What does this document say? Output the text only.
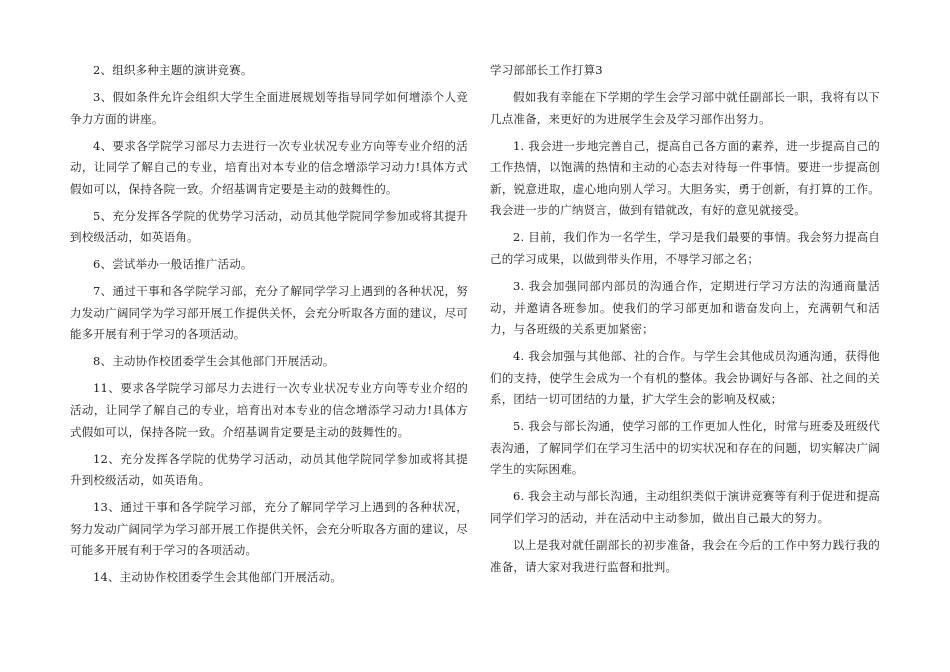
2、组织多种主题的演讲竞赛。

3、假如条件允许会组织大学生全面进展规划等指导同学如何增添个人竞争力方面的讲座。

4、要求各学院学习部尽力去进行一次专业状况专业方向等专业介绍的活动，让同学了解自己的专业，培育出对本专业的信念增添学习动力!具体方式假如可以，保持各院一致。介绍基调肯定要是主动的鼓舞性的。

5、充分发挥各学院的优势学习活动，动员其他学院同学参加或将其提升到校级活动，如英语角。

6、尝试举办一般话推广活动。

7、通过干事和各学院学习部，充分了解同学学习上遇到的各种状况，努力发动广阔同学为学习部开展工作提供关怀，会充分听取各方面的建议，尽可能多开展有利于学习的各项活动。

8、主动协作校团委学生会其他部门开展活动。

11、要求各学院学习部尽力去进行一次专业状况专业方向等专业介绍的活动，让同学了解自己的专业，培育出对本专业的信念增添学习动力!具体方式假如可以，保持各院一致。介绍基调肯定要是主动的鼓舞性的。

12、充分发挥各学院的优势学习活动，动员其他学院同学参加或将其提升到校级活动，如英语角。

13、通过干事和各学院学习部，充分了解同学学习上遇到的各种状况，努力发动广阔同学为学习部开展工作提供关怀，会充分听取各方面的建议，尽可能多开展有利于学习的各项活动。

14、主动协作校团委学生会其他部门开展活动。

学习部部长工作打算3

假如我有幸能在下学期的学生会学习部中就任副部长一职，我将有以下几点准备，来更好的为进展学生会及学习部作出努力。

1. 我会进一步地完善自己，提高自己各方面的素养，进一步提高自己的工作热情，以饱满的热情和主动的心态去对待每一件事情。要进一步提高创新，锐意进取，虚心地向别人学习。大胆务实，勇于创新，有打算的工作。我会进一步的广纳贤言，做到有错就改，有好的意见就接受。

2. 目前，我们作为一名学生，学习是我们最要的事情。我会努力提高自己的学习成果，以做到带头作用，不辱学习部之名；

3. 我会加强同部内部员的沟通合作，定期进行学习方法的沟通商量活动，并邀请各班参加。使我们的学习部更加和谐奋发向上，充满朝气和活力，与各班级的关系更加紧密；

4. 我会加强与其他部、社的合作。与学生会其他成员沟通沟通，获得他们的支持，使学生会成为一个有机的整体。我会协调好与各部、社之间的关系，团结一切可团结的力量，扩大学生会的影响及权威；

5. 我会与部长沟通，使学习部的工作更加人性化，时常与班委及班级代表沟通，了解同学们在学习生活中的切实状况和存在的问题，切实解决广阔学生的实际困难。

6. 我会主动与部长沟通，主动组织类似于演讲竞赛等有利于促进和提高同学们学习的活动，并在活动中主动参加，做出自己最大的努力。

以上是我对就任副部长的初步准备，我会在今后的工作中努力践行我的准备，请大家对我进行监督和批判。
